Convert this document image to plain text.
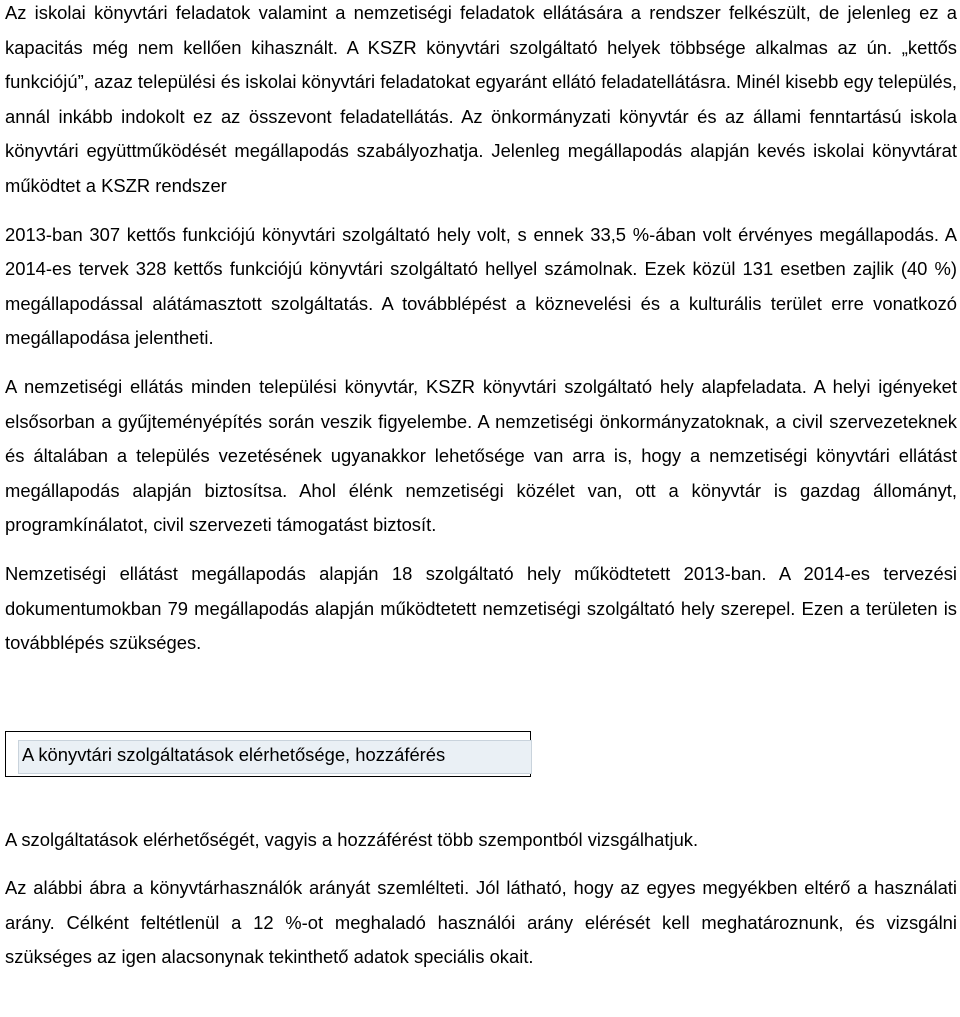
Az iskolai könyvtári feladatok valamint a nemzetiségi feladatok ellátására a rendszer felkészült, de jelenleg ez a kapacitás még nem kellően kihasznált. A KSZR könyvtári szolgáltató helyek többsége alkalmas az ún. „kettős funkciójú”, azaz települési és iskolai könyvtári feladatokat egyaránt ellátó feladatellátásra. Minél kisebb egy település, annál inkább indokolt ez az összevont feladatellátás. Az önkormányzati könyvtár és az állami fenntartású iskola könyvtári együttműködését megállapodás szabályozhatja. Jelenleg megállapodás alapján kevés iskolai könyvtárat működtet a KSZR rendszer

2013-ban 307 kettős funkciójú könyvtári szolgáltató hely volt, s ennek 33,5 %-ában volt érvényes megállapodás. A 2014-es tervek 328 kettős funkciójú könyvtári szolgáltató hellyel számolnak. Ezek közül 131 esetben zajlik (40 %) megállapodással alátámasztott szolgáltatás. A továbblépést a köznevelési és a kulturális terület erre vonatkozó megállapodása jelentheti.

A nemzetiségi ellátás minden települési könyvtár, KSZR könyvtári szolgáltató hely alapfeladata. A helyi igényeket elsősorban a gyűjteményépítés során veszik figyelembe. A nemzetiségi önkormányzatoknak, a civil szervezeteknek és általában a település vezetésének ugyanakkor lehetősége van arra is, hogy a nemzetiségi könyvtári ellátást megállapodás alapján biztosítsa. Ahol élénk nemzetiségi közélet van, ott a könyvtár is gazdag állományt, programkínálatot, civil szervezeti támogatást biztosít.

Nemzetiségi ellátást megállapodás alapján 18 szolgáltató hely működtetett 2013-ban. A 2014-es tervezési dokumentumokban 79 megállapodás alapján működtetett nemzetiségi szolgáltató hely szerepel. Ezen a területen is továbblépés szükséges.

A könyvtári szolgáltatások elérhetősége, hozzáférés

A szolgáltatások elérhetőségét, vagyis a hozzáférést több szempontból vizsgálhatjuk.

Az alábbi ábra a könyvtárhasználók arányát szemlélteti. Jól látható, hogy az egyes megyékben eltérő a használati arány. Célként feltétlenül a 12 %-ot meghaladó használói arány elérését kell meghatároznunk, és vizsgálni szükséges az igen alacsonynak tekinthető adatok speciális okait.
